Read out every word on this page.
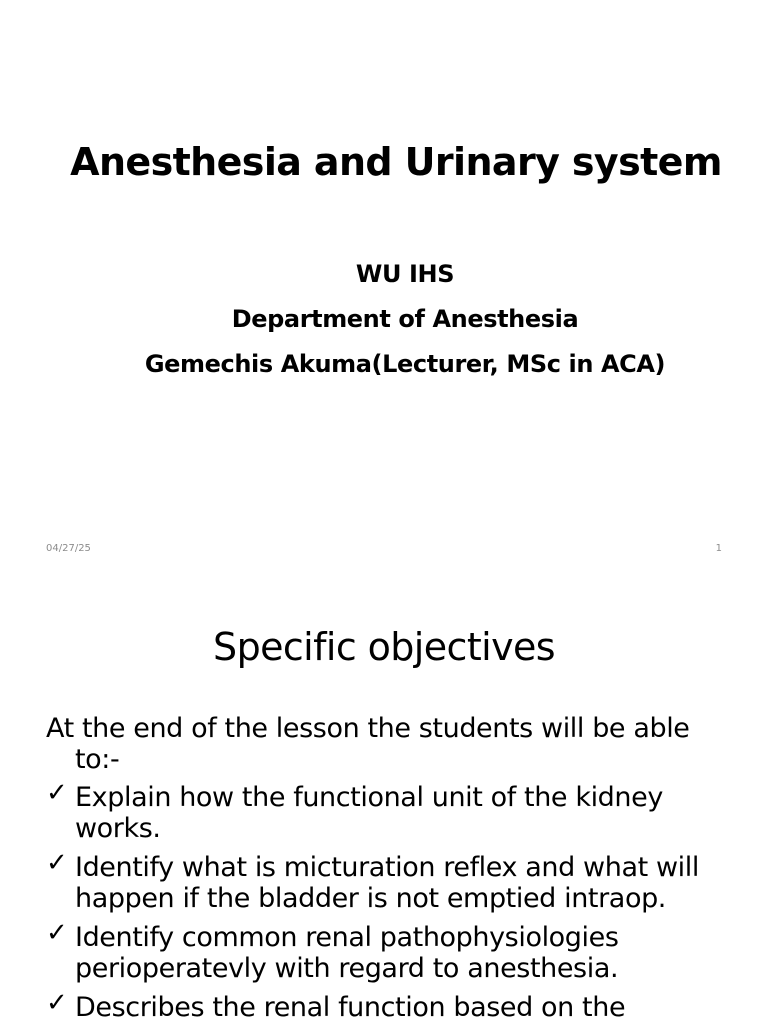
Anesthesia and Urinary system
WU IHS
Department of Anesthesia
Gemechis Akuma(Lecturer, MSc in ACA)
04/27/25	1
Specific objectives
At the end of the lesson the students will be able
to:-
✓ Explain how the functional unit of the kidney
works.
✓ Identify what is micturation reflex and what will
happen if the bladder is not emptied intraop.
✓ Identify common renal pathophysiologies
perioperatevly with regard to anesthesia.
✓ Describes the renal function based on the
